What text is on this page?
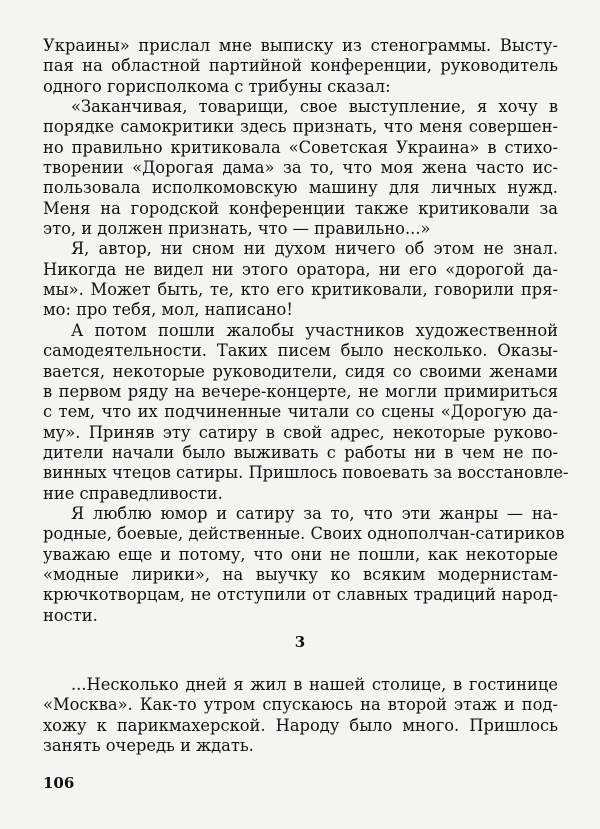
Украины» прислал мне выписку из стенограммы. Высту-
пая на областной партийной конференции, руководитель
одного горисполкома с трибуны сказал:
«Заканчивая, товарищи, свое выступление, я хочу в
порядке самокритики здесь признать, что меня совершен-
но правильно критиковала «Советская Украина» в стихо-
творении «Дорогая дама» за то, что моя жена часто ис-
пользовала исполкомовскую машину для личных нужд.
Меня на городской конференции также критиковали за
это, и должен признать, что — правильно...»
Я, автор, ни сном ни духом ничего об этом не знал.
Никогда не видел ни этого оратора, ни его «дорогой да-
мы». Может быть, те, кто его критиковали, говорили пря-
мо: про тебя, мол, написано!
А потом пошли жалобы участников художественной
самодеятельности. Таких писем было несколько. Оказы-
вается, некоторые руководители, сидя со своими женами
в первом ряду на вечере-концерте, не могли примириться
с тем, что их подчиненные читали со сцены «Дорогую да-
му». Приняв эту сатиру в свой адрес, некоторые руково-
дители начали было выживать с работы ни в чем не по-
винных чтецов сатиры. Пришлось повоевать за восстановле-
ние справедливости.
Я люблю юмор и сатиру за то, что эти жанры — на-
родные, боевые, действенные. Своих однополчан-сатириков
уважаю еще и потому, что они не пошли, как некоторые
«модные лирики», на выучку ко всяким модернистам-
крючкотворцам, не отступили от славных традиций народ-
ности.
3
...Несколько дней я жил в нашей столице, в гостинице
«Москва». Как-то утром спускаюсь на второй этаж и под-
хожу к парикмахерской. Народу было много. Пришлось
занять очередь и ждать.
106
